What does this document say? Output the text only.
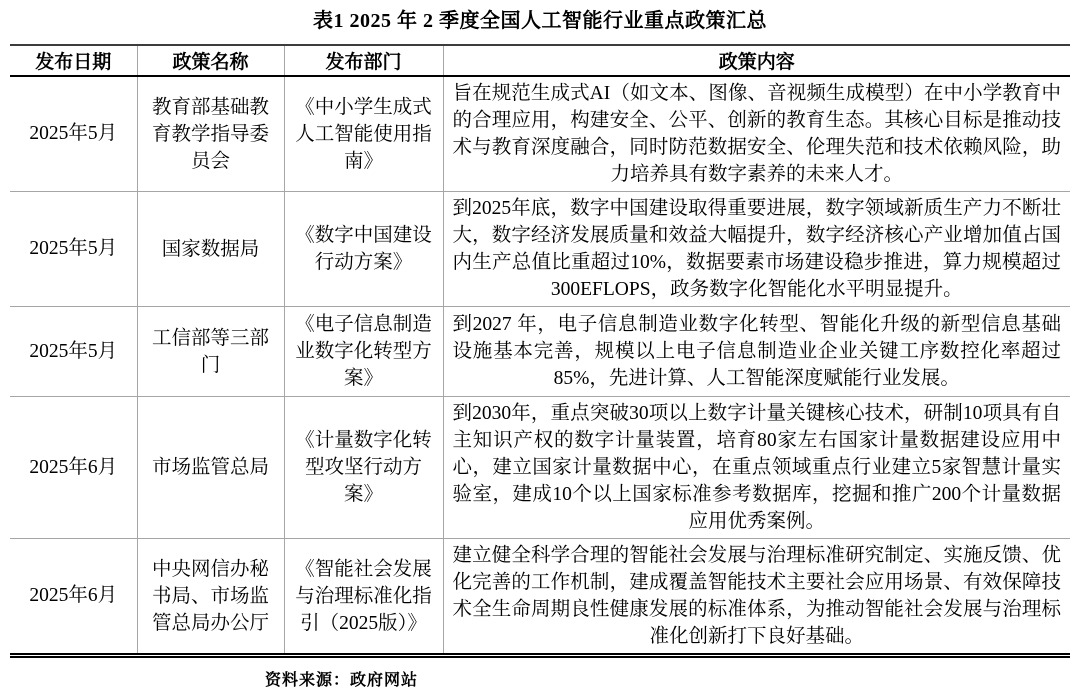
表1 2025 年 2 季度全国人工智能行业重点政策汇总
发布日期	政策名称	发布部门	政策内容
2025年5月	教育部基础教育教学指导委员会	《中小学生成式人工智能使用指南》	旨在规范生成式AI（如文本、图像、音视频生成模型）在中小学教育中的合理应用，构建安全、公平、创新的教育生态。其核心目标是推动技术与教育深度融合，同时防范数据安全、伦理失范和技术依赖风险，助力培养具有数字素养的未来人才。
2025年5月	国家数据局	《数字中国建设行动方案》	到2025年底，数字中国建设取得重要进展，数字领域新质生产力不断壮大，数字经济发展质量和效益大幅提升，数字经济核心产业增加值占国内生产总值比重超过10%，数据要素市场建设稳步推进，算力规模超过300EFLOPS，政务数字化智能化水平明显提升。
2025年5月	工信部等三部门	《电子信息制造业数字化转型方案》	到2027 年，电子信息制造业数字化转型、智能化升级的新型信息基础设施基本完善，规模以上电子信息制造业企业关键工序数控化率超过85%，先进计算、人工智能深度赋能行业发展。
2025年6月	市场监管总局	《计量数字化转型攻坚行动方案》	到2030年，重点突破30项以上数字计量关键核心技术，研制10项具有自主知识产权的数字计量装置，培育80家左右国家计量数据建设应用中心，建立国家计量数据中心，在重点领域重点行业建立5家智慧计量实验室，建成10个以上国家标准参考数据库，挖掘和推广200个计量数据应用优秀案例。
2025年6月	中央网信办秘书局、市场监管总局办公厅	《智能社会发展与治理标准化指引（2025版）》	建立健全科学合理的智能社会发展与治理标准研究制定、实施反馈、优化完善的工作机制，建成覆盖智能技术主要社会应用场景、有效保障技术全生命周期良性健康发展的标准体系，为推动智能社会发展与治理标准化创新打下良好基础。
资料来源：政府网站
